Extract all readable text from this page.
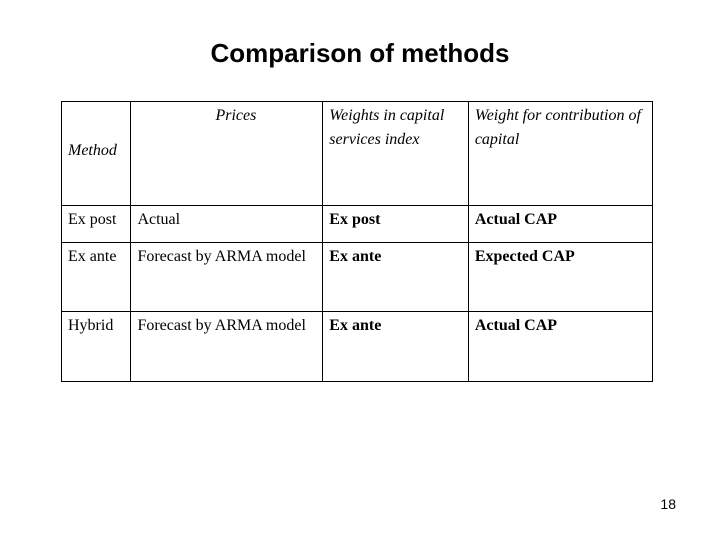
Comparison of methods
Method	Prices	Weights in capital services index	Weight for contribution of capital
Ex post	Actual	Ex post	Actual CAP
Ex ante	Forecast by ARMA model	Ex ante	Expected CAP
Hybrid	Forecast by ARMA model	Ex ante	Actual CAP
18
